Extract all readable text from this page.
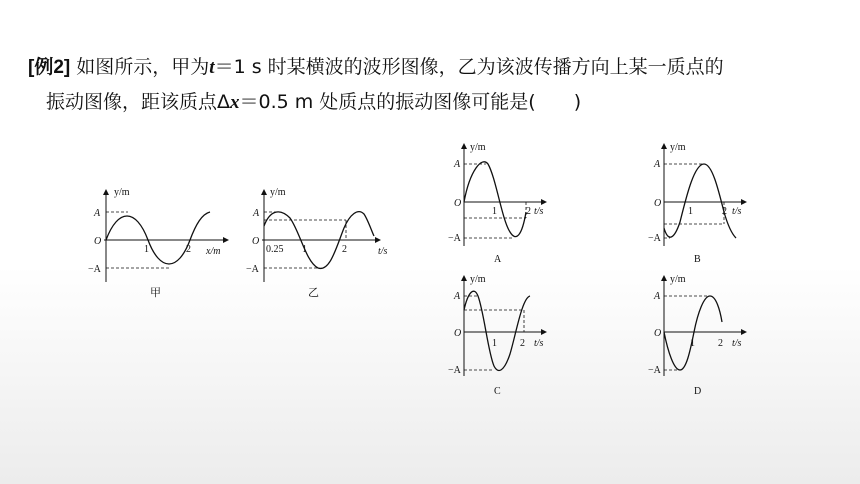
[例2] 如图所示，甲为t＝1 s 时某横波的波形图像，乙为该波传播方向上某一质点的
振动图像，距该质点Δx＝0.5 m 处质点的振动图像可能是(　　)
y/m
A
O
−A
1	2 x/m
甲
y/m
A
O
−A
0.25 1	2	t/s
乙
y/m
A
O
−A
1	2 t/s
A
y/m
A
O
−A
1	2 t/s
B
y/m
A
O
−A
1 2 t/s
C
y/m
A
O
−A
1 2 t/s
D
